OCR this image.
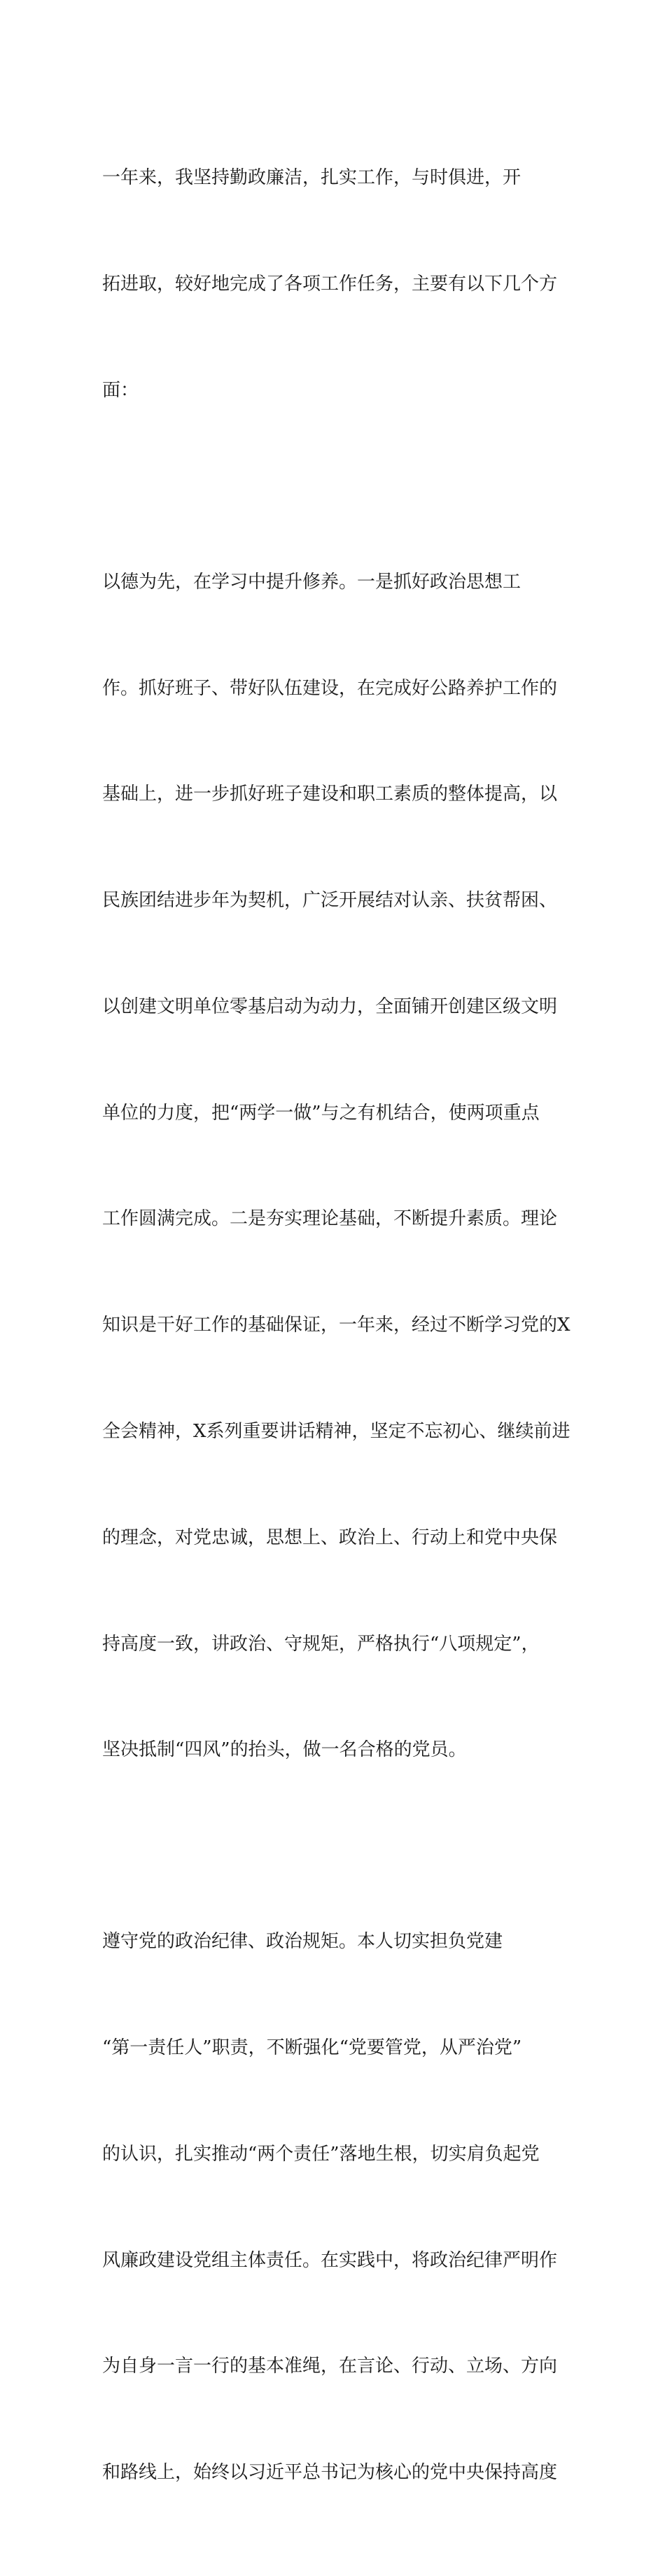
一年来，我坚持勤政廉洁，扎实工作，与时俱进，开

拓进取，较好地完成了各项工作任务，主要有以下几个方

面：

以德为先，在学习中提升修养。一是抓好政治思想工

作。抓好班子、带好队伍建设，在完成好公路养护工作的

基础上，进一步抓好班子建设和职工素质的整体提高，以

民族团结进步年为契机，广泛开展结对认亲、扶贫帮困、

以创建文明单位零基启动为动力，全面铺开创建区级文明

单位的力度，把“两学一做”与之有机结合，使两项重点

工作圆满完成。二是夯实理论基础，不断提升素质。理论

知识是干好工作的基础保证，一年来，经过不断学习党的X

全会精神，X系列重要讲话精神，坚定不忘初心、继续前进

的理念，对党忠诚，思想上、政治上、行动上和党中央保

持高度一致，讲政治、守规矩，严格执行“八项规定”，

坚决抵制“四风”的抬头，做一名合格的党员。

遵守党的政治纪律、政治规矩。本人切实担负党建

“第一责任人”职责，不断强化“党要管党，从严治党”

的认识，扎实推动“两个责任”落地生根，切实肩负起党

风廉政建设党组主体责任。在实践中，将政治纪律严明作

为自身一言一行的基本准绳，在言论、行动、立场、方向

和路线上，始终以习近平总书记为核心的党中央保持高度
